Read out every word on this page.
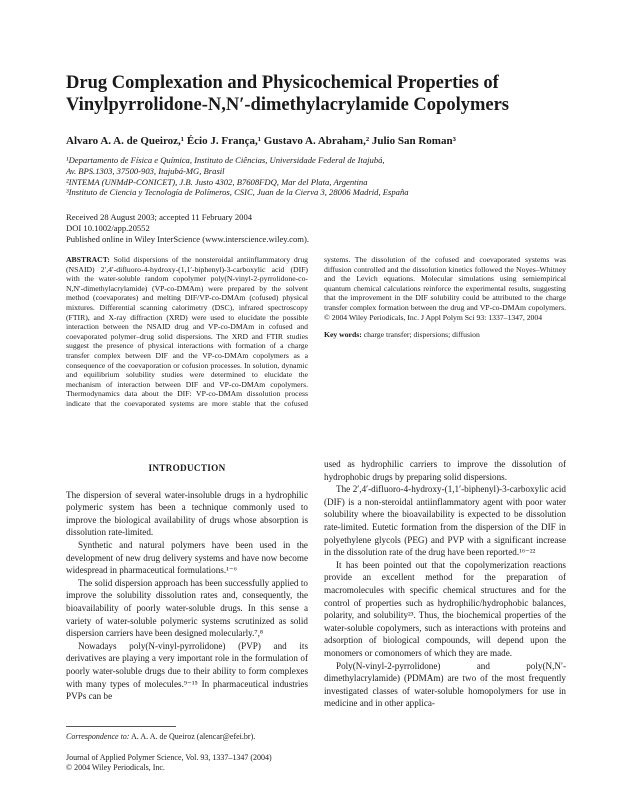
Drug Complexation and Physicochemical Properties of Vinylpyrrolidone-N,N′-dimethylacrylamide Copolymers

Alvaro A. A. de Queiroz,¹ Écio J. França,¹ Gustavo A. Abraham,² Julio San Roman³

¹Departamento de Física e Química, Instituto de Ciências, Universidade Federal de Itajubá,
Av. BPS.1303, 37500-903, Itajubá-MG, Brasil
²INTEMA (UNMdP-CONICET), J.B. Justo 4302, B7608FDQ, Mar del Plata, Argentina
³Instituto de Ciencia y Tecnología de Polímeros, CSIC, Juan de la Cierva 3, 28006 Madrid, España
Received 28 August 2003; accepted 11 February 2004
DOI 10.1002/app.20552
Published online in Wiley InterScience (www.interscience.wiley.com).
ABSTRACT: Solid dispersions of the nonsteroidal antiinflammatory drug (NSAID) 2′,4′-difluoro-4-hydroxy-(1,1′-biphenyl)-3-carboxylic acid (DIF) with the water-soluble random copolymer poly(N-vinyl-2-pyrrolidone-co-N,N′-dimethylacrylamide) (VP-co-DMAm) were prepared by the solvent method (coevaporates) and melting DIF/VP-co-DMAm (cofused) physical mixtures. Differential scanning calorimetry (DSC), infrared spectroscopy (FTIR), and X-ray diffraction (XRD) were used to elucidate the possible interaction between the NSAID drug and VP-co-DMAm in cofused and coevaporated polymer–drug solid dispersions. The XRD and FTIR studies suggest the presence of physical interactions with formation of a charge transfer complex between DIF and the VP-co-DMAm copolymers as a consequence of the coevaporation or cofusion processes. In solution, dynamic and equilibrium solubility studies were determined to elucidate the mechanism of interaction between DIF and VP-co-DMAm copolymers. Thermodynamics data about the DIF: VP-co-DMAm dissolution process indicate that the coevaporated systems are more stable that the cofused systems. The dissolution of the cofused and coevaporated systems was diffusion controlled and the dissolution kinetics followed the Noyes–Whitney and the Levich equations. Molecular simulations using semiempirical quantum chemical calculations reinforce the experimental results, suggesting that the improvement in the DIF solubility could be attributed to the charge transfer complex formation between the drug and VP-co-DMAm copolymers. © 2004 Wiley Periodicals, Inc. J Appl Polym Sci 93: 1337–1347, 2004
Key words: charge transfer; dispersions; diffusion
INTRODUCTION

The dispersion of several water-insoluble drugs in a hydrophilic polymeric system has been a technique commonly used to improve the biological availability of drugs whose absorption is dissolution rate-limited.

Synthetic and natural polymers have been used in the development of new drug delivery systems and have now become widespread in pharmaceutical formulations.¹⁻⁶

The solid dispersion approach has been successfully applied to improve the solubility dissolution rates and, consequently, the bioavailability of poorly water-soluble drugs. In this sense a variety of water-soluble polymeric systems scrutinized as solid dispersion carriers have been designed molecularly.⁷,⁸

Nowadays poly(N-vinyl-pyrrolidone) (PVP) and its derivatives are playing a very important role in the formulation of poorly water-soluble drugs due to their ability to form complexes with many types of molecules.⁹⁻¹⁵ In pharmaceutical industries PVPs can be

used as hydrophilic carriers to improve the dissolution of hydrophobic drugs by preparing solid dispersions.

The 2′,4′-difluoro-4-hydroxy-(1,1′-biphenyl)-3-carboxylic acid (DIF) is a non-steroidal antiinflammatory agent with poor water solubility where the bioavailability is expected to be dissolution rate-limited. Eutetic formation from the dispersion of the DIF in polyethylene glycols (PEG) and PVP with a significant increase in the dissolution rate of the drug have been reported.¹⁶⁻²²

It has been pointed out that the copolymerization reactions provide an excellent method for the preparation of macromolecules with specific chemical structures and for the control of properties such as hydrophilic/hydrophobic balances, polarity, and solubility²³. Thus, the biochemical properties of the water-soluble copolymers, such as interactions with proteins and adsorption of biological compounds, will depend upon the monomers or comonomers of which they are made.

Poly(N-vinyl-2-pyrrolidone) and poly(N,N′-dimethylacrylamide) (PDMAm) are two of the most frequently investigated classes of water-soluble homopolymers for use in medicine and in other applica-

Correspondence to: A. A. A. de Queiroz (alencar@efei.br).
Journal of Applied Polymer Science, Vol. 93, 1337–1347 (2004)
© 2004 Wiley Periodicals, Inc.
